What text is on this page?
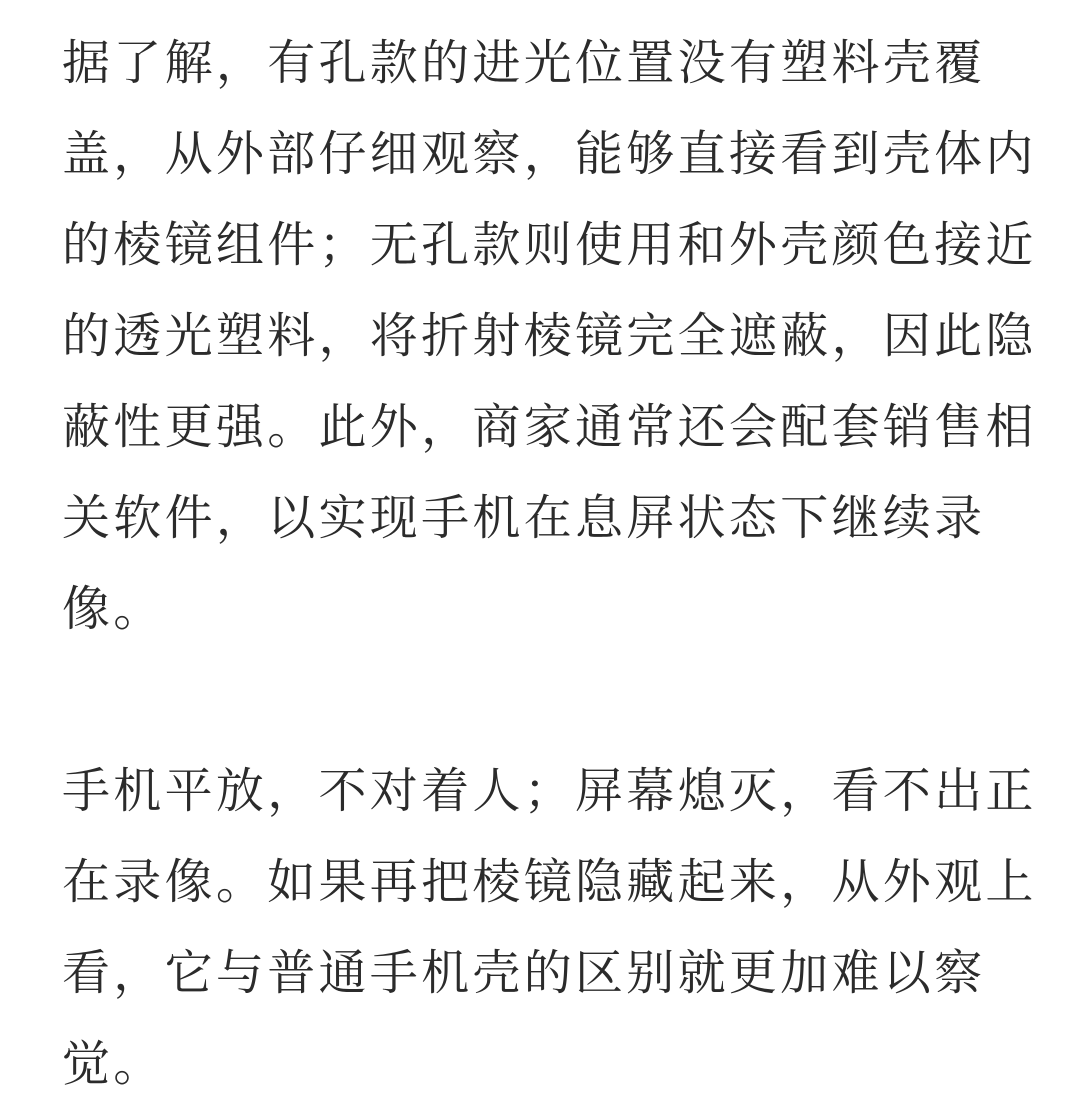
据了解，有孔款的进光位置没有塑料壳覆
盖，从外部仔细观察，能够直接看到壳体内
的棱镜组件；无孔款则使用和外壳颜色接近
的透光塑料，将折射棱镜完全遮蔽，因此隐
蔽性更强。此外，商家通常还会配套销售相
关软件，以实现手机在息屏状态下继续录
像。

手机平放，不对着人；屏幕熄灭，看不出正
在录像。如果再把棱镜隐藏起来，从外观上
看，它与普通手机壳的区别就更加难以察
觉。
